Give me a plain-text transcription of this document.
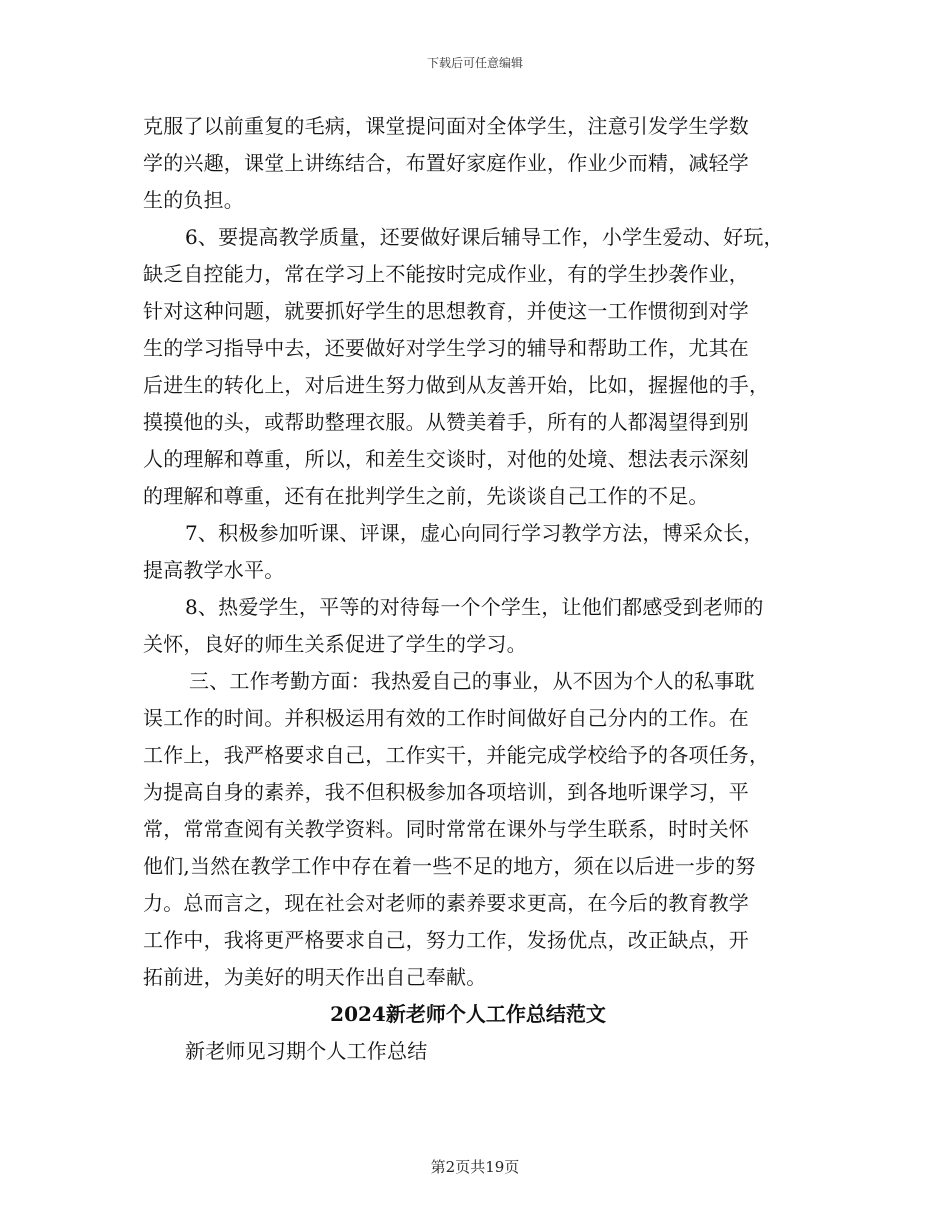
下载后可任意编辑
克服了以前重复的毛病，课堂提问面对全体学生，注意引发学生学数
学的兴趣，课堂上讲练结合，布置好家庭作业，作业少而精，减轻学
生的负担。
6、要提高教学质量，还要做好课后辅导工作，小学生爱动、好玩，
缺乏自控能力，常在学习上不能按时完成作业，有的学生抄袭作业，
针对这种问题，就要抓好学生的思想教育，并使这一工作惯彻到对学
生的学习指导中去，还要做好对学生学习的辅导和帮助工作，尤其在
后进生的转化上，对后进生努力做到从友善开始，比如，握握他的手，
摸摸他的头，或帮助整理衣服。从赞美着手，所有的人都渴望得到别
人的理解和尊重，所以，和差生交谈时，对他的处境、想法表示深刻
的理解和尊重，还有在批判学生之前，先谈谈自己工作的不足。
7、积极参加听课、评课，虚心向同行学习教学方法，博采众长，
提高教学水平。
8、热爱学生，平等的对待每一个个学生，让他们都感受到老师的
关怀，良好的师生关系促进了学生的学习。
三、工作考勤方面：我热爱自己的事业，从不因为个人的私事耽
误工作的时间。并积极运用有效的工作时间做好自己分内的工作。在
工作上，我严格要求自己，工作实干，并能完成学校给予的各项任务，
为提高自身的素养，我不但积极参加各项培训，到各地听课学习，平
常，常常查阅有关教学资料。同时常常在课外与学生联系，时时关怀
他们,当然在教学工作中存在着一些不足的地方，须在以后进一步的努
力。总而言之，现在社会对老师的素养要求更高，在今后的教育教学
工作中，我将更严格要求自己，努力工作，发扬优点，改正缺点，开
拓前进，为美好的明天作出自己奉献。
2024新老师个人工作总结范文
新老师见习期个人工作总结
第2页共19页
